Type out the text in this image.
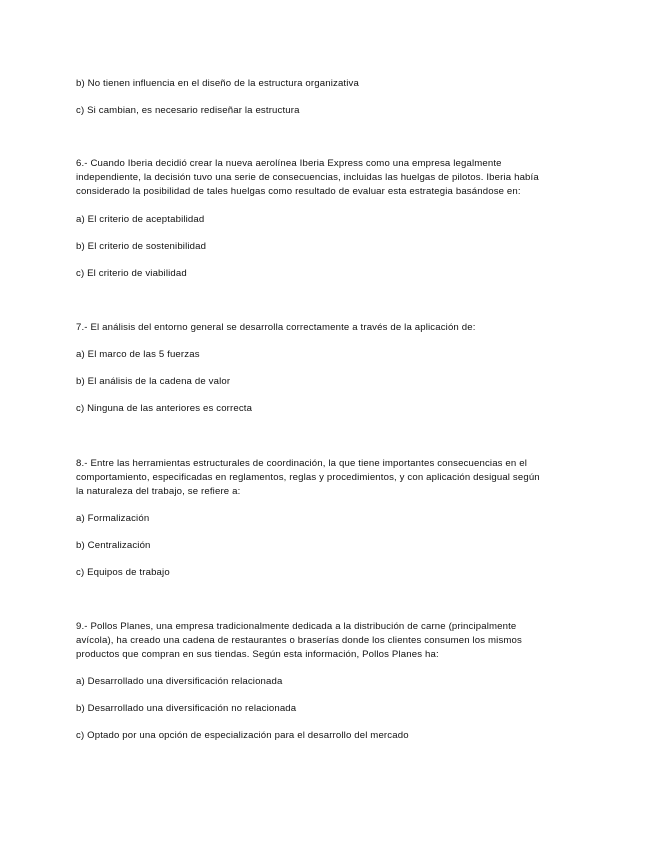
b) No tienen influencia en el diseño de la estructura organizativa
c) Si cambian, es necesario rediseñar la estructura
6.- Cuando Iberia decidió crear la nueva aerolínea Iberia Express como una empresa legalmente
independiente, la decisión tuvo una serie de consecuencias, incluidas las huelgas de pilotos. Iberia había
considerado la posibilidad de tales huelgas como resultado de evaluar esta estrategia basándose en:
a) El criterio de aceptabilidad
b) El criterio de sostenibilidad
c) El criterio de viabilidad
7.- El análisis del entorno general se desarrolla correctamente a través de la aplicación de:
a) El marco de las 5 fuerzas
b) El análisis de la cadena de valor
c) Ninguna de las anteriores es correcta
8.- Entre las herramientas estructurales de coordinación, la que tiene importantes consecuencias en el
comportamiento, especificadas en reglamentos, reglas y procedimientos, y con aplicación desigual según
la naturaleza del trabajo, se refiere a:
a) Formalización
b) Centralización
c) Equipos de trabajo
9.- Pollos Planes, una empresa tradicionalmente dedicada a la distribución de carne (principalmente
avícola), ha creado una cadena de restaurantes o braserías donde los clientes consumen los mismos
productos que compran en sus tiendas. Según esta información, Pollos Planes ha:
a) Desarrollado una diversificación relacionada
b) Desarrollado una diversificación no relacionada
c) Optado por una opción de especialización para el desarrollo del mercado
